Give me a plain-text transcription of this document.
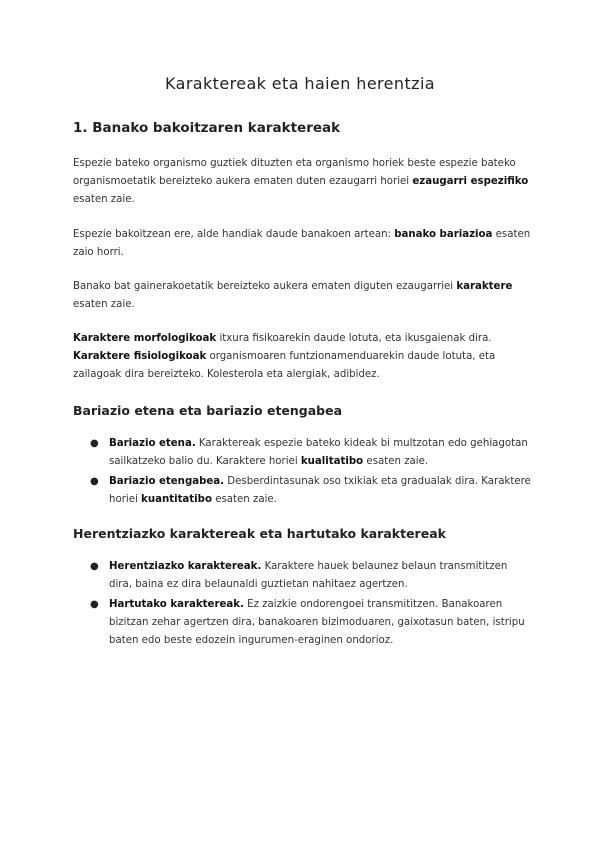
Karaktereak eta haien herentzia
1. Banako bakoitzaren karaktereak
Espezie bateko organismo guztiek dituzten eta organismo horiek beste espezie bateko organismoetatik bereizteko aukera ematen duten ezaugarri horiei ezaugarri espezifiko esaten zaie.
Espezie bakoitzean ere, alde handiak daude banakoen artean: banako bariazioa esaten zaio horri.
Banako bat gainerakoetatik bereizteko aukera ematen diguten ezaugarriei karaktere esaten zaie.
Karaktere morfologikoak itxura fisikoarekin daude lotuta, eta ikusgaienak dira. Karaktere fisiologikoak organismoaren funtzionamenduarekin daude lotuta, eta zailagoak dira bereizteko. Kolesterola eta alergiak, adibidez.
Bariazio etena eta bariazio etengabea
● Bariazio etena. Karaktereak espezie bateko kideak bi multzotan edo gehiagotan sailkatzeko balio du. Karaktere horiei kualitatibo esaten zaie.
● Bariazio etengabea. Desberdintasunak oso txikiak eta gradualak dira. Karaktere horiei kuantitatibo esaten zaie.
Herentziazko karaktereak eta hartutako karaktereak
● Herentziazko karaktereak. Karaktere hauek belaunez belaun transmititzen dira, baina ez dira belaunaldi guztietan nahitaez agertzen.
● Hartutako karaktereak. Ez zaizkie ondorengoei transmititzen. Banakoaren bizitzan zehar agertzen dira, banakoaren bizimoduaren, gaixotasun baten, istripu baten edo beste edozein ingurumen-eraginen ondorioz.
